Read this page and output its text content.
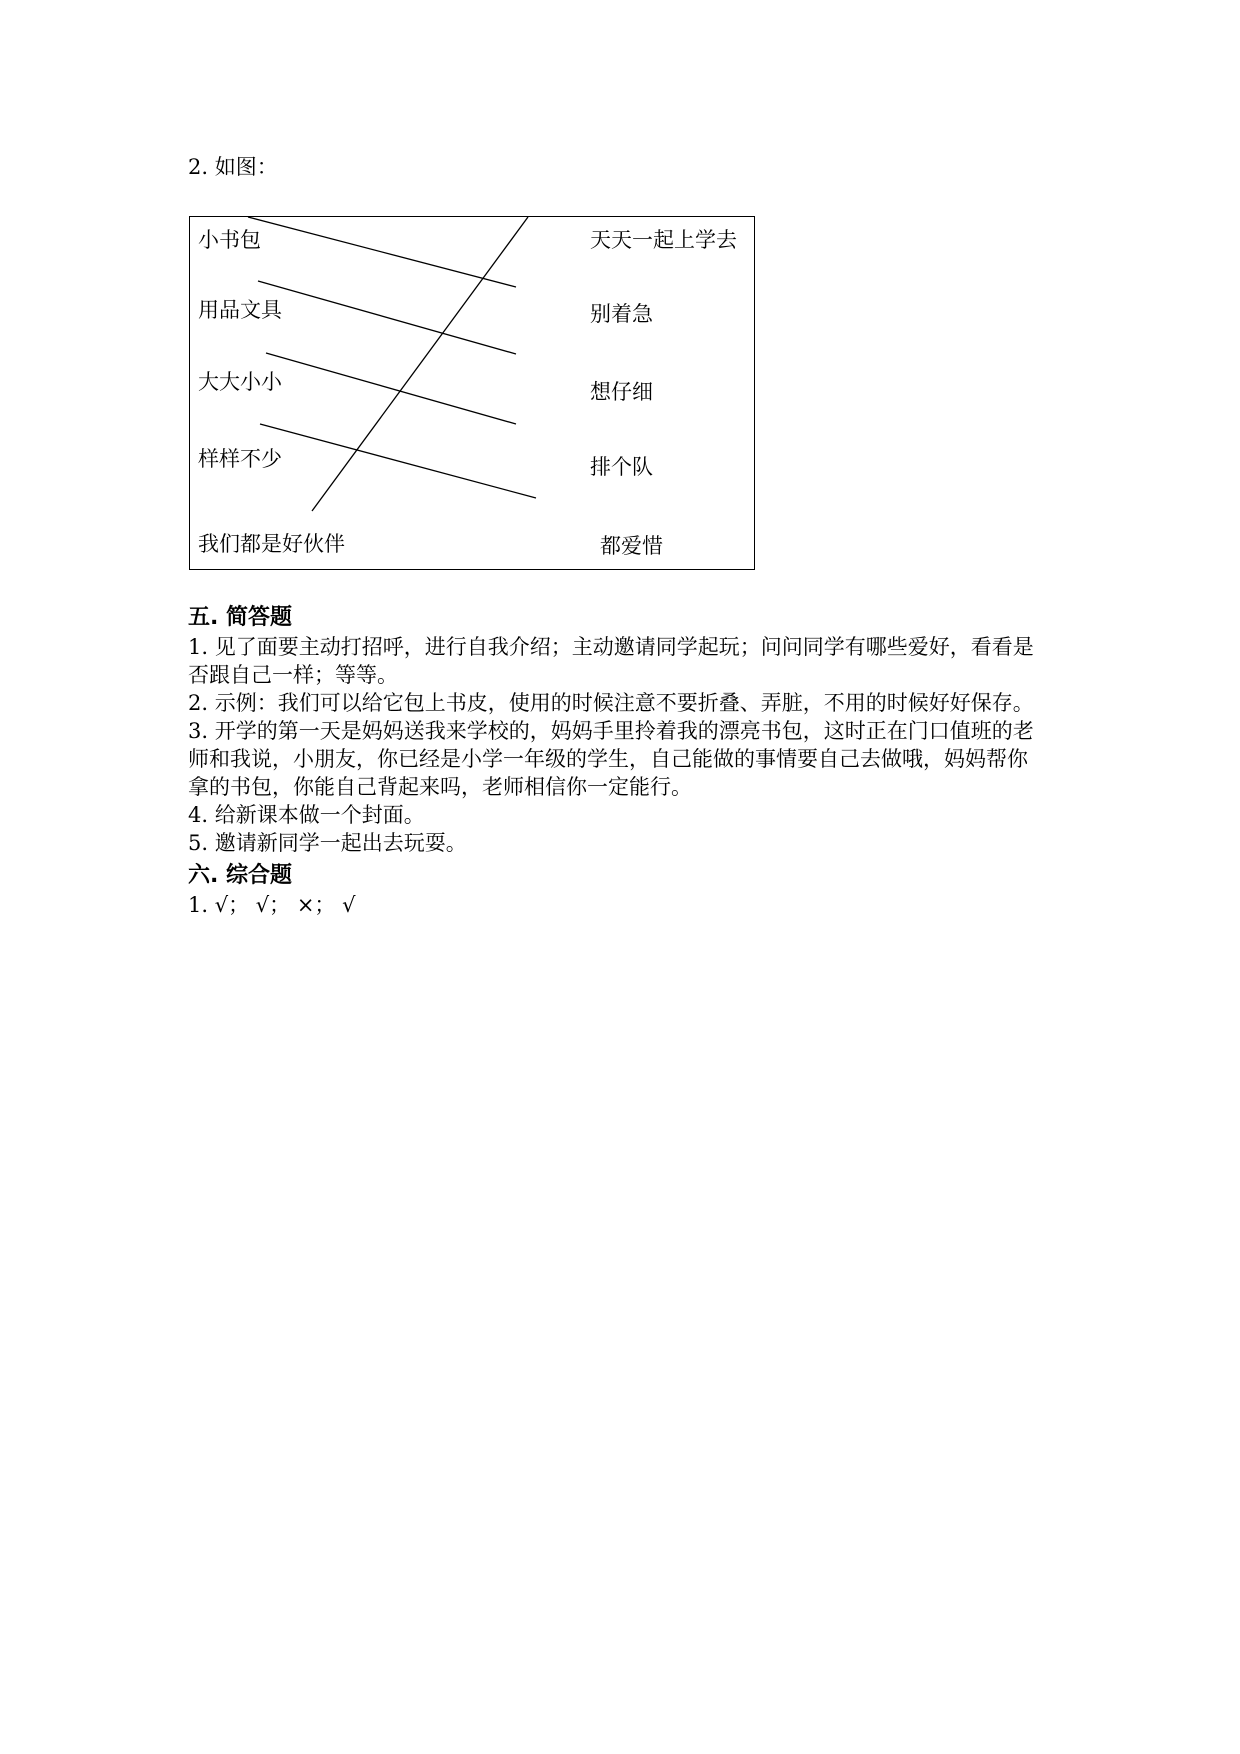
2. 如图：
小书包
用品文具
大大小小
样样不少
我们都是好伙伴
天天一起上学去
别着急
想仔细
排个队
都爱惜
五. 简答题

1. 见了面要主动打招呼，进行自我介绍；主动邀请同学起玩；问问同学有哪些爱好，看看是否跟自己一样；等等。

2. 示例：我们可以给它包上书皮，使用的时候注意不要折叠、弄脏，不用的时候好好保存。

3. 开学的第一天是妈妈送我来学校的，妈妈手里拎着我的漂亮书包，这时正在门口值班的老师和我说，小朋友，你已经是小学一年级的学生，自己能做的事情要自己去做哦，妈妈帮你拿的书包，你能自己背起来吗，老师相信你一定能行。

4. 给新课本做一个封面。

5. 邀请新同学一起出去玩耍。

六. 综合题

1. √； √； ×； √
